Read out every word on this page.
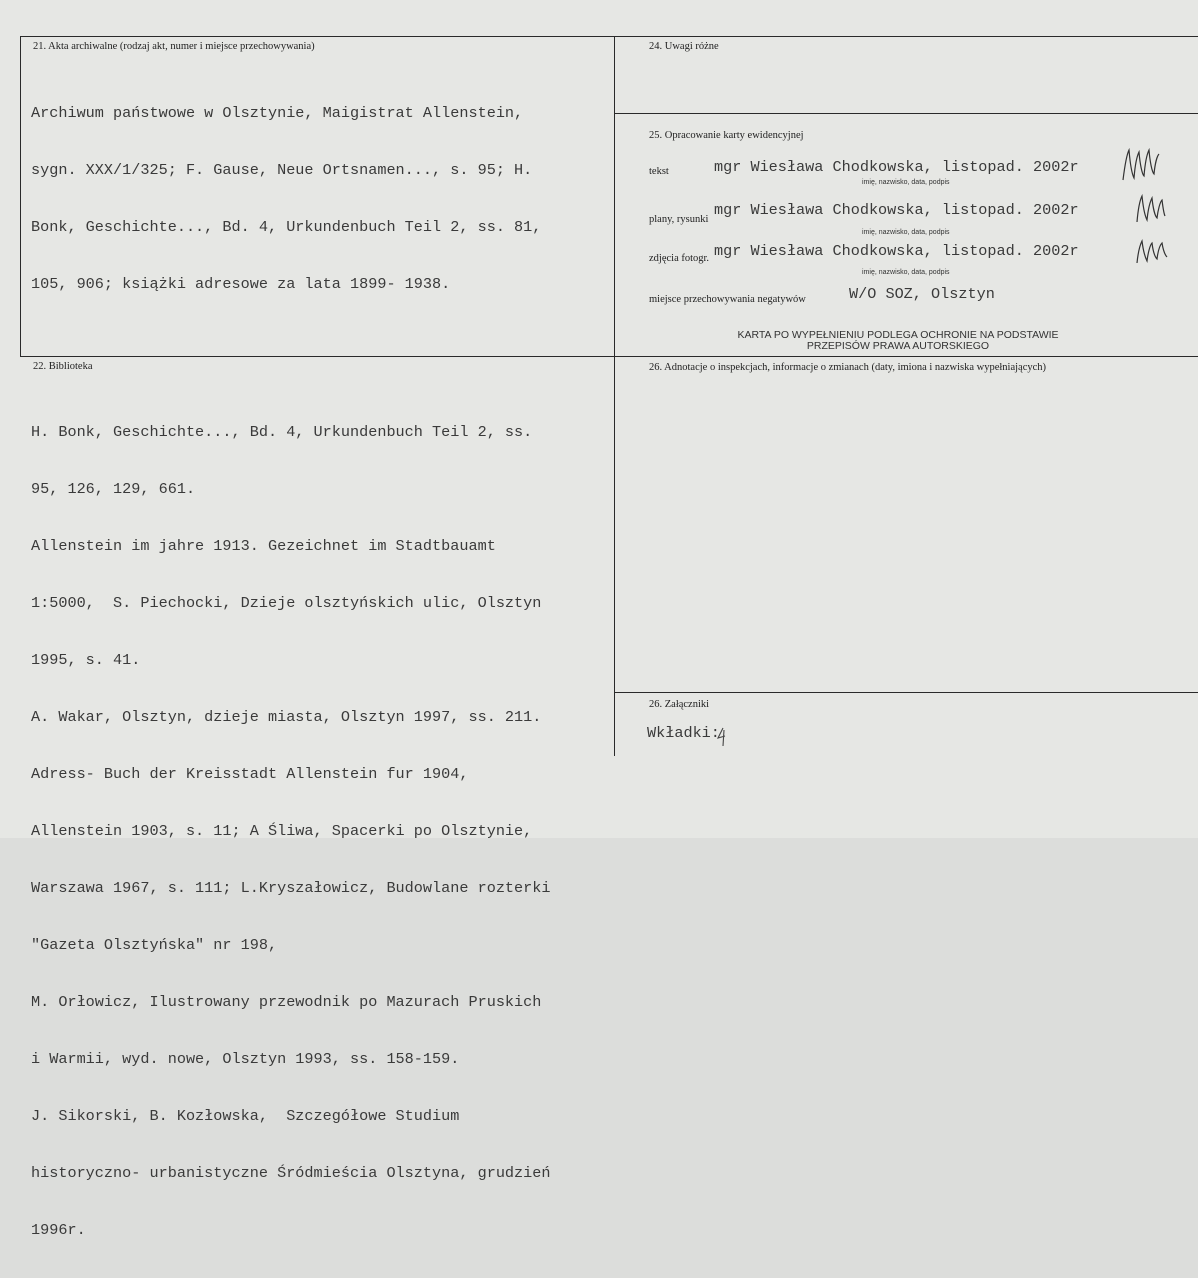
21. Akta archiwalne (rodzaj akt, numer i miejsce przechowywania)

Archiwum państwowe w Olsztynie, Maigistrat Allenstein,

sygn. XXX/1/325; F. Gause, Neue Ortsnamen..., s. 95; H.

Bonk, Geschichte..., Bd. 4, Urkundenbuch Teil 2, ss. 81,

105, 906; książki adresowe za lata 1899- 1938.

24. Uwagi różne
25. Opracowanie karty ewidencyjnej
tekst	mgr Wiesława Chodkowska, listopad. 2002r
imię, nazwisko, data, podpis
plany, rysunki
mgr Wiesława Chodkowska, listopad. 2002r
imię, nazwisko, data, podpis
zdjęcia fotogr. mgr Wiesława Chodkowska, listopad. 2002r
imię, nazwisko, data, podpis
miejsce przechowywania negatywów	W/O SOZ, Olsztyn
KARTA PO WYPEŁNIENIU PODLEGA OCHRONIE NA PODSTAWIE
PRZEPISÓW PRAWA AUTORSKIEGO
22. Biblioteka

H. Bonk, Geschichte..., Bd. 4, Urkundenbuch Teil 2, ss.

95, 126, 129, 661.

Allenstein im jahre 1913. Gezeichnet im Stadtbauamt

1:5000,  S. Piechocki, Dzieje olsztyńskich ulic, Olsztyn

1995, s. 41.

A. Wakar, Olsztyn, dzieje miasta, Olsztyn 1997, ss. 211.

Adress- Buch der Kreisstadt Allenstein fur 1904,

Allenstein 1903, s. 11; A Śliwa, Spacerki po Olsztynie,

Warszawa 1967, s. 111; L.Kryszałowicz, Budowlane rozterki

"Gazeta Olsztyńska" nr 198,

M. Orłowicz, Ilustrowany przewodnik po Mazurach Pruskich

i Warmii, wyd. nowe, Olsztyn 1993, ss. 158-159.

J. Sikorski, B. Kozłowska,  Szczegółowe Studium

historyczno- urbanistyczne Śródmieścia Olsztyna, grudzień

1996r.

26. Adnotacje o inspekcjach, informacje o zmianach (daty, imiona i nazwiska wypełniających)
26. Załączniki
Wkładki:
